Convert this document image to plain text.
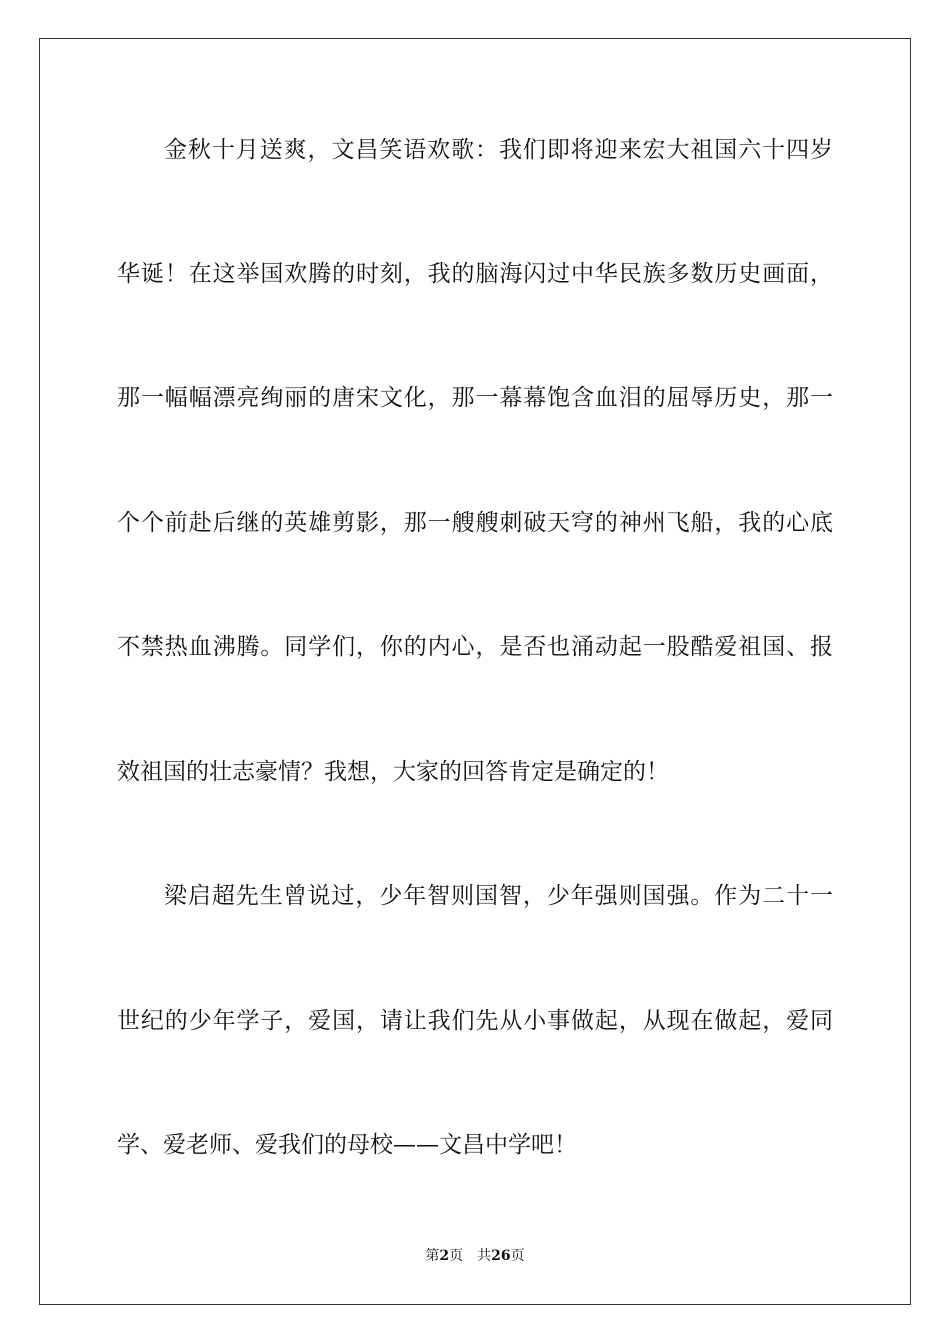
金秋十月送爽，文昌笑语欢歌：我们即将迎来宏大祖国六十四岁
华诞！在这举国欢腾的时刻，我的脑海闪过中华民族多数历史画面，
那一幅幅漂亮绚丽的唐宋文化，那一幕幕饱含血泪的屈辱历史，那一
个个前赴后继的英雄剪影，那一艘艘刺破天穹的神州飞船，我的心底
不禁热血沸腾。同学们，你的内心，是否也涌动起一股酷爱祖国、报
效祖国的壮志豪情？我想，大家的回答肯定是确定的！
梁启超先生曾说过，少年智则国智，少年强则国强。作为二十一
世纪的少年学子，爱国，请让我们先从小事做起，从现在做起，爱同
学、爱老师、爱我们的母校——文昌中学吧！
第2页 共26页
